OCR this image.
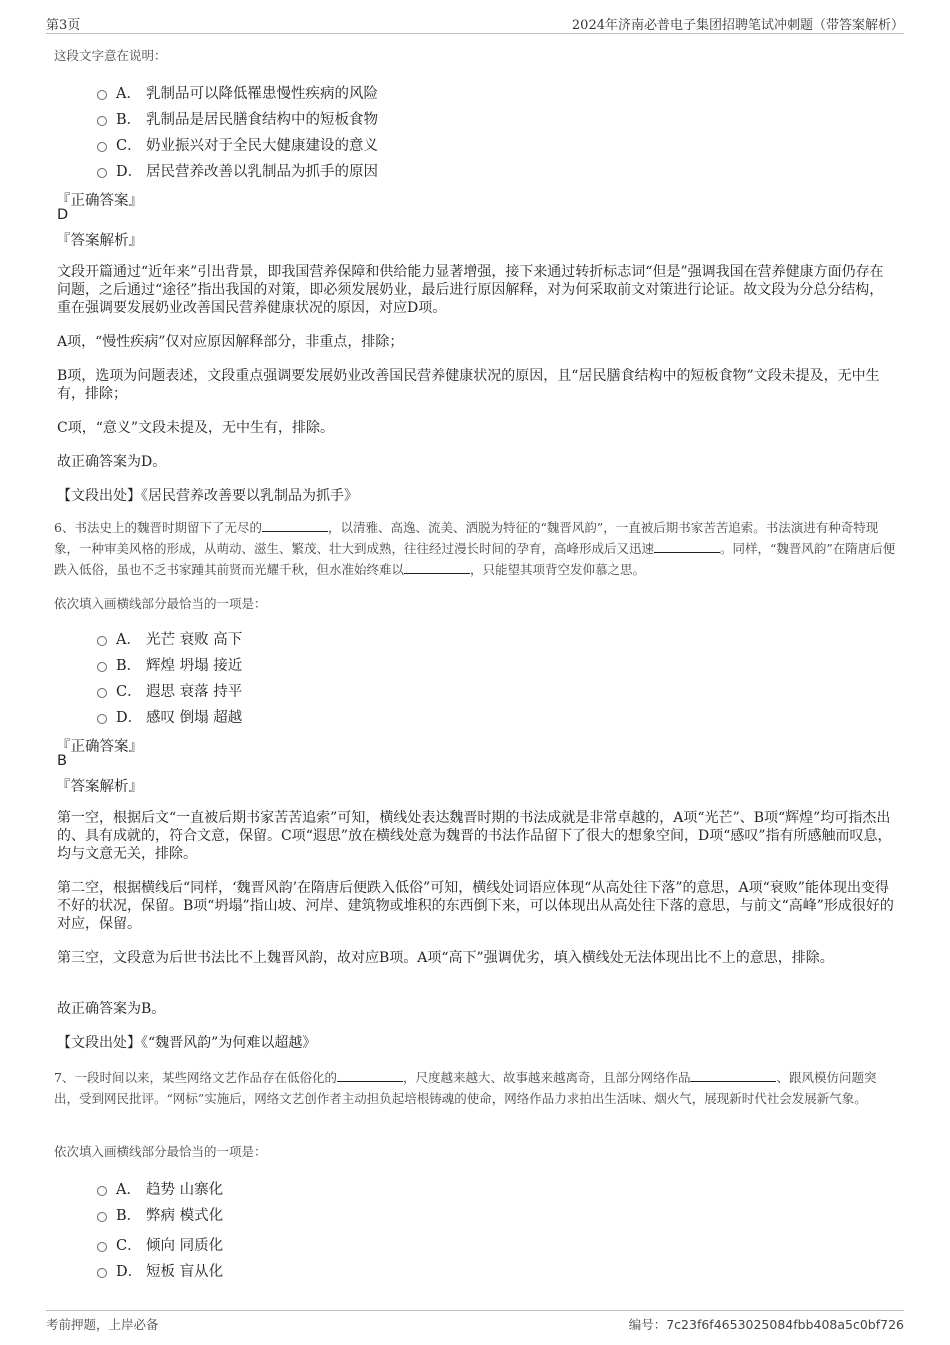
第3页	2024年济南必普电子集团招聘笔试冲刺题（带答案解析）
这段文字意在说明：
A． 乳制品可以降低罹患慢性疾病的风险
B． 乳制品是居民膳食结构中的短板食物
C． 奶业振兴对于全民大健康建设的意义
D． 居民营养改善以乳制品为抓手的原因
『正确答案』
D
『答案解析』

文段开篇通过“近年来”引出背景，即我国营养保障和供给能力显著增强，接下来通过转折标志词“但是”强调我国在营养健康方面仍存在问题，之后通过“途径”指出我国的对策，即必须发展奶业，最后进行原因解释，对为何采取前文对策进行论证。故文段为分总分结构，重在强调要发展奶业改善国民营养健康状况的原因，对应D项。

A项，“慢性疾病”仅对应原因解释部分，非重点，排除；

B项，选项为问题表述，文段重点强调要发展奶业改善国民营养健康状况的原因，且“居民膳食结构中的短板食物”文段未提及，无中生有，排除；

C项，“意义”文段未提及，无中生有，排除。

故正确答案为D。

【文段出处】《居民营养改善要以乳制品为抓手》

6、书法史上的魏晋时期留下了无尽的	，以清雅、高逸、流美、洒脱为特征的“魏晋风韵”，一直被后期书家苦苦追索。书法演进有种奇特现象，一种审美风格的形成，从萌动、滋生、繁茂、壮大到成熟，往往经过漫长时间的孕育，高峰形成后又迅速	。同样，“魏晋风韵”在隋唐后便跌入低俗，虽也不乏书家踵其前贤而光耀千秋，但水准始终难以	，只能望其项背空发仰慕之思。
依次填入画横线部分最恰当的一项是：
A． 光芒 衰败 高下
B． 辉煌 坍塌 接近
C． 遐思 衰落 持平
D． 感叹 倒塌 超越
『正确答案』
B
『答案解析』

第一空，根据后文“一直被后期书家苦苦追索”可知，横线处表达魏晋时期的书法成就是非常卓越的，A项“光芒”、B项“辉煌”均可指杰出的、具有成就的，符合文意，保留。C项“遐思”放在横线处意为魏晋的书法作品留下了很大的想象空间，D项“感叹”指有所感触而叹息，均与文意无关，排除。

第二空，根据横线后“同样，‘魏晋风韵’在隋唐后便跌入低俗”可知，横线处词语应体现“从高处往下落”的意思，A项“衰败”能体现出变得不好的状况，保留。B项“坍塌”指山坡、河岸、建筑物或堆积的东西倒下来，可以体现出从高处往下落的意思，与前文“高峰”形成很好的对应，保留。

第三空，文段意为后世书法比不上魏晋风韵，故对应B项。A项“高下”强调优劣，填入横线处无法体现出比不上的意思，排除。

故正确答案为B。

【文段出处】《“魏晋风韵”为何难以超越》

7、一段时间以来，某些网络文艺作品存在低俗化的	，尺度越来越大、故事越来越离奇，且部分网络作品	、跟风模仿问题突出，受到网民批评。“网标”实施后，网络文艺创作者主动担负起培根铸魂的使命，网络作品力求拍出生活味、烟火气，展现新时代社会发展新气象。
依次填入画横线部分最恰当的一项是：
A． 趋势 山寨化
B． 弊病 模式化
C． 倾向 同质化
D． 短板 盲从化
考前押题，上岸必备	编号：7c23f6f4653025084fbb408a5c0bf726
